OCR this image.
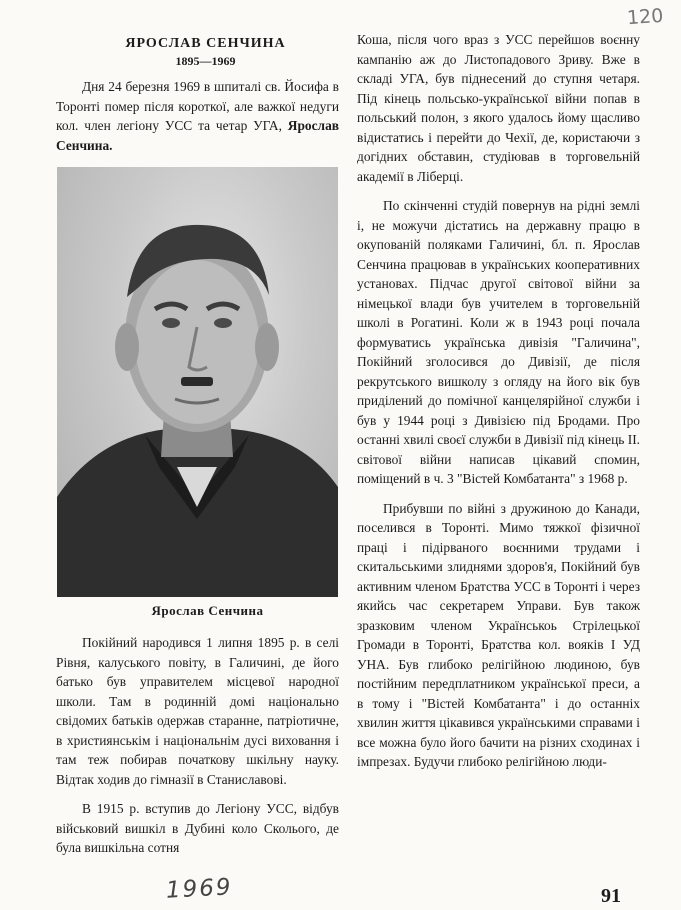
120
ЯРОСЛАВ СЕНЧИНА
1895—1969

Дня 24 березня 1969 в шпиталі св. Йосифа в Торонті помер після короткої, але важкої недуги кол. член легіону УСС та четар УГА, Ярослав Сенчина.

Ярослав Сенчина

Покійний народився 1 липня 1895 р. в селі Рівня, калуського повіту, в Галичині, де його батько був управителем місцевої народної школи. Там в родинній домі національно свідомих батьків одержав старанне, патріотичне, в християнськім і національнім дусі виховання і там теж побирав початкову шкільну науку. Відтак ходив до гімназії в Станиславові.

В 1915 р. вступив до Легіону УСС, відбув військовий вишкіл в Дубині коло Сколього, де була вишкільна сотня

Коша, після чого враз з УСС перейшов воєнну кампанію аж до Листопадового Зриву. Вже в складі УГА, був піднесений до ступня четаря. Під кінець польсько-української війни попав в польський полон, з якого удалось йому щасливо відистатись і перейти до Чехії, де, користаючи з догідних обставин, студіював в торговельній академії в Ліберці.

По скінченні студій повернув на рідні землі і, не можучи дістатись на державну працю в окупованій поляками Галичині, бл. п. Ярослав Сенчина працював в українських кооперативних установах. Підчас другої світової війни за німецької влади був учителем в торговельній школі в Рогатині. Коли ж в 1943 році почала формуватись українська дивізія "Галичина", Покійний зголосився до Дивізії, де після рекрутського вишколу з огляду на його вік був приділений до помічної канцелярійної служби і був у 1944 році з Дивізією під Бродами. Про останні хвилі своєї служби в Дивізії під кінець ІІ. світової війни написав цікавий спомин, поміщений в ч. 3 "Вістей Комбатанта" з 1968 р.

Прибувши по війні з дружиною до Канади, поселився в Торонті. Мимо тяжкої фізичної праці і підірваного воєнними трудами і скитальськими злиднями здоров'я, Покійний був активним членом Братства УСС в Торонті і через якийсь час секретарем Управи. Був також зразковим членом Українськоь Стрілецької Громади в Торонті, Братства кол. вояків І УД УНА. Був глибоко релігійною людиною, був постійним передплатником української преси, а в тому і "Вістей Комбатанта" і до останніх хвилин життя цікавився українськими справами і все можна було його бачити на різних сходинах і імпрезах. Будучи глибоко релігійною люди-

1969	91
